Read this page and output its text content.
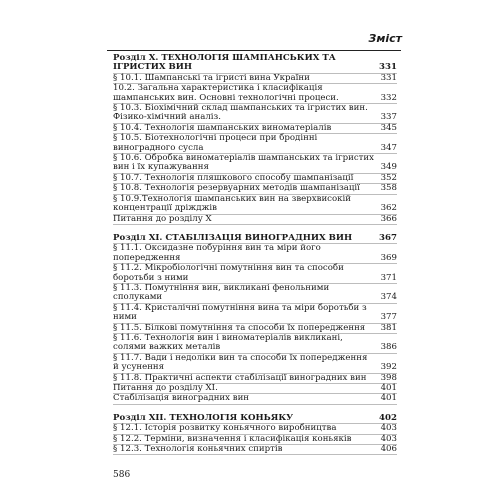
Зміст
Розділ X. ТЕХНОЛОГІЯ ШАМПАНСЬКИХ ТА ІГРИСТИХ ВИН	331
§ 10.1. Шампанські та ігристі вина України	331
10.2. Загальна характеристика і класифікація шампанських вин. Основні технологічні процеси.	332
§ 10.3. Біохімічний склад шампанських та ігристих вин. Фізико-хімічний аналіз.	337
§ 10.4. Технологія шампанських виноматеріалів	345
§ 10.5. Біотехнологічні процеси при бродінні виноградного сусла	347
§ 10.6. Обробка виноматеріалів шампанських та ігристих вин і їх купажування	349
§ 10.7. Технологія пляшкового способу шампанізації	352
§ 10.8. Технологія резервуарних методів шампанізації	358
§ 10.9.Технологія шампанських вин на зверхвисокій концентрації дріжджів	362
Питання до розділу X	366
Розділ XI. СТАБІЛІЗАЦІЯ ВИНОГРАДНИХ ВИН	367
§ 11.1. Оксидазне побуріння вин та міри його попередження	369
§ 11.2. Мікробіологічні помутніння вин та способи боротьби з ними	371
§ 11.3. Помутніння вин, викликані фенольними сполуками	374
§ 11.4. Кристалічні помутніння вина та міри боротьби з ними	377
§ 11.5. Білкові помутніння та способи їх попередження	381
§ 11.6. Технологія вин і виноматеріалів викликані, солями важких металів	386
§ 11.7. Вади і недоліки вин та способи їх попередження й усунення	392
§ 11.8. Практичні аспекти стабілізації виноградних вин	398
Питання до розділу XI.	401
Стабілізація виноградних вин	401
Розділ XII. ТЕХНОЛОГІЯ КОНЬЯКУ	402
§ 12.1. Історія розвитку коньячного виробництва	403
§ 12.2. Терміни, визначення і класифікація коньяків	403
§ 12.3. Технологія коньячних спиртів	406
586
